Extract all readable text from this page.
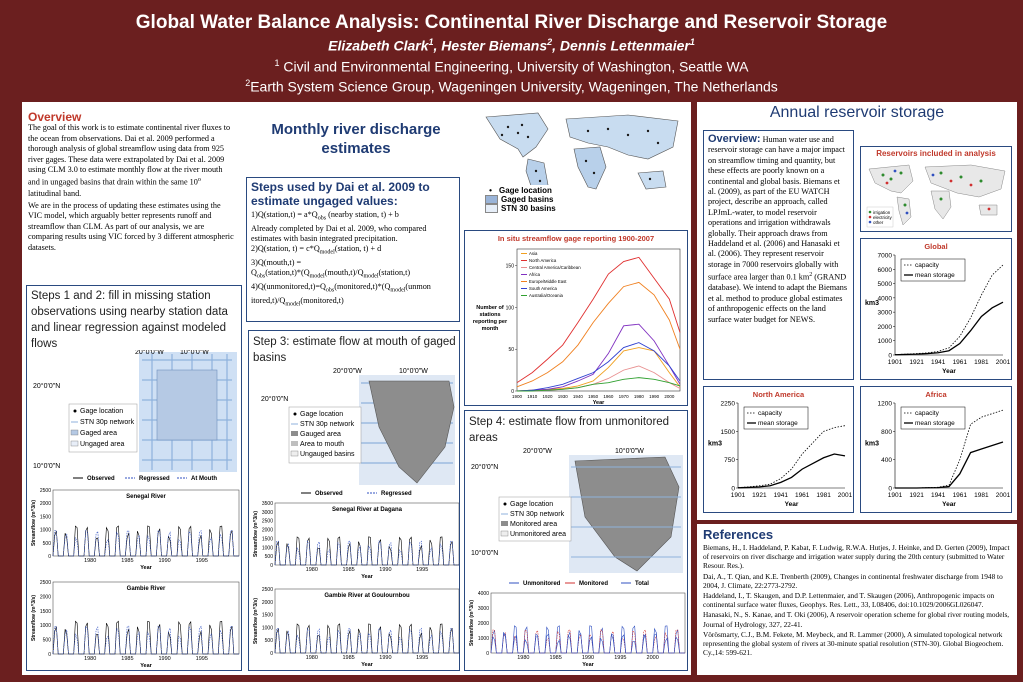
Global Water Balance Analysis: Continental River Discharge and Reservoir Storage
Elizabeth Clark$^1$, Hester Biemans$^2$, Dennis Lettenmaier$^1$
$^1$ Civil and Environmental Engineering, University of Washington, Seattle WA
$^2$Earth System Science Group, Wageningen University, Wageningen, The Netherlands
Overview

The goal of this work is to estimate continental river fluxes to the ocean from observations. Dai et al. 2009 performed a thorough analysis of global streamflow using data from 925 river gages. These data were extrapolated by Dai et al. 2009 using CLM 3.0 to estimate monthly flow at the river mouth and in ungaged basins that drain within the same 10$^o$ latitudinal band.

We are in the process of updating these estimates using the VIC model, which arguably better represents runoff and streamflow than CLM. As part of our analysis, we are comparing results using VIC forced by 3 different atmospheric datasets.

Monthly river discharge estimates
• Gage location
Gaged basins
STN 30 basins
Steps used by Dai et al. 2009 to estimate ungaged values:
1)Q(station,t) = $a*Q_{obs}$ (nearby station, t) + b
Already completed by Dai et al. 2009, who compared estimates with basin integrated precipitation.
2)Q(station, $t) = c*Q_{model}(station$, t) + d
3)Q(mouth,t) =
$Q_{obs}(station,t)*(Q_{model}(mouth,t)/Q_{model}(station,t)$
$4)Q(unmonitored,t)=Q_{obs}(monitored,t)*(Q_{model}(unmon$ $itored,t)/Q_{model}(monitored,t)$
In situ streamflow gage reporting 1900-2007
0
50
100
150
1900 1910 1920 1930 1940 1950 1960 1970 1980 1990 2000
Year
Number of
stations
reporting per
month
Asia
North America
Central America/Caribbean
Africa
Europe/Middle East
South America
Australia/Oceania
Steps 1 and 2: fill in missing station observations using nearby station data and linear regression against modeled flows
20°0'0"W 10°0'0"W
20°0'0"N
10°0'0"N
Gage location
STN 30p network
Gaged area
Ungaged area
Observed	Regressed	At Mouth
Senegal River
0
500
1000
1500
2000
2500
1980	1985	1990	1995
Year
Streamflow (m^3/s)
Gambie River
0
500
1000
1500
2000
2500
1980	1985	1990	1995
Year
Streamflow (m^3/s)
Step 3: estimate flow at mouth of gaged basins
20°0'0"W	10°0'0"W
20°0'0"N
Gage location
STN 30p network
Gauged area
Area to mouth
Ungauged basins
Observed	Regressed
Senegal River at Dagana
0
500
1000
1500
2000
2500
3000
3500
1980	1985	1990	1995
Year
Streamflow (m^3/s)
Gambie River at Goulournbou
0
500
1000
1500
2000
2500
1980	1985	1990	1995
Year
Streamflow (m^3/s)
Step 4: estimate flow from unmonitored areas
20°0'0"W	10°0'0"W
20°0'0"N
10°0'0"N
Gage location
STN 30p network
Monitored area
Unmonitored area
Unmonitored	Monitored	Total
0
1000
2000
3000
4000
1980	1985	1990	1995	2000
Year
Streamflow (m^3/s)
Annual reservoir storage
Overview: Human water use and reservoir storage can have a major impact on streamflow timing and quantity, but these effects are poorly known on a continental and global basis. Biemans et al. (2009), as part of the EU WATCH project, describe an approach, called LPJmL-water, to model reservoir operations and irrigation withdrawals globally. Their approach draws from Haddeland et al. (2006) and Hanasaki et al. (2006). They represent reservoir storage in 7000 reservoirs globally with surface area larger than 0.1 $km^2$ (GRAND database). We intend to adapt the Biemans et al. method to produce global estimates of anthropogenic effects on the land surface water budget for NEWS.
Reservoirs included in analysis
irrigation
electricity
other
Global
0
1000
2000
3000
4000
5000
6000
7000
1901 1921 1941 1961 1981 2001
Year
km3
capacity
mean storage
North America
0
750
1500
2250
1901 1921 1941 1961 1981 2001
Year
km3
capacity
mean storage
Africa
0
400
800
1200
1901 1921 1941 1961 1981 2001
Year
km3
capacity
mean storage
References

Biemans, H., I. Haddeland, P. Kabat, F. Ludwig, R.W.A. Hutjes, J. Heinke, and D. Gerten (2009), Impact of reservoirs on river discharge and irrigation water supply during the 20th century (submitted to Water Resour. Res.).

Dai, A., T. Qian, and K.E. Trenberth (2009), Changes in continental freshwater discharge from 1948 to 2004, J. Climate, 22:2773-2792.

Haddeland, I., T. Skaugen, and D.P. Lettenmaier, and T. Skaugen (2006), Anthropogenic impacts on continental surface water fluxes, Geophys. Res. Lett., 33, L08406, doi:10.1029/2006GL026047.

Hanasaki, N., S. Kanae, and T. Oki (2006), A reservoir operation scheme for global river routing models, Journal of Hydrology, 327, 22-41.

Vörösmarty, C.J., B.M. Fekete, M. Meybeck, and R. Lammer (2000), A simulated topological network representing the global system of rivers at 30-minute spatial resolution (STN-30). Global Biogeochem. Cy.,14: 599-621.
